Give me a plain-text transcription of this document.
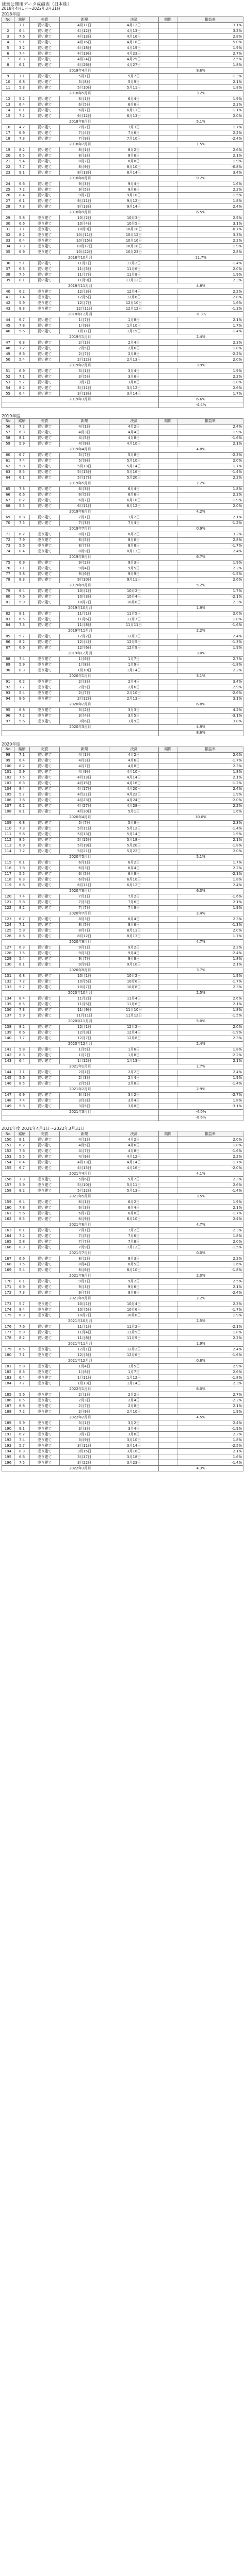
裁量公開用データ成績表（日本株）
2018年4月1日〜2022年3月31日
2018年度
No	銘柄	売買	新規	決済	期間	損益率
1	7.1	買い建て	4月11日	4月12日		3.1%
2	6.4	買い建て	4月12日	4月13日		3.2%
3	7.6	買い建て	4月13日	4月16日		2.8%
4	9.1	買い建て	4月16日	4月18日		5.0%
5	3.2	買い建て	4月18日	4月19日		1.9%
6	7.4	買い建て	4月19日	4月23日		2.7%
7	8.3	買い建て	4月24日	4月25日		2.5%
8	6.1	買い建て	4月26日	4月27日		1.8%
2018年4月月					9.6%	
9	7.1	買い建て	5月1日	5月7日		-1.3%
10	6.8	買い建て	5月8日	5月9日		2.1%
11	5.3	買い建て	5月10日	5月11日		1.8%
2018年5月月					3.2%	
12	5.2	買い建て	6月1日	6月4日		1.9%
13	6.4	買い建て	6月5日	6月6日		2.3%
14	8.1	買い建て	6月7日	6月11日		-1.1%
15	7.2	買い建て	6月12日	6月13日		2.0%
2018年6月月					5.1%	
16	4.2	買い建て	7月2日	7月3日		1.7%
17	6.9	買い建て	7月4日	7月6日		2.2%
18	7.3	買い建て	7月9日	7月10日		-2.4%
2018年7月月					1.5%	
19	8.2	買い建て	8月1日	8月2日		2.6%
20	6.5	買い建て	8月3日	8月6日		2.1%
21	5.4	買い建て	8月7日	8月8日		1.9%
22	7.7	買い建て	8月9日	8月10日		-0.8%
23	9.1	買い建て	8月13日	8月14日		3.4%
2018年8月月					9.2%	
24	6.6	買い建て	9月3日	9月4日		1.6%
25	7.2	買い建て	9月5日	9月6日		2.2%
26	8.4	買い建て	9月7日	9月10日		-1.5%
27	6.1	買い建て	9月11日	9月12日		1.8%
28	7.3	買い建て	9月13日	9月14日		2.4%
2018年9月月					6.5%	
29	5.8	売り建て	10月2日	10月3日		2.9%
30	6.6	売り建て	10月4日	10月5日		3.1%
31	7.1	売り建て	10月9日	10月10日		-0.7%
32	8.2	売り建て	10月11日	10月12日		3.3%
33	6.4	売り建て	10月15日	10月16日		2.2%
34	7.3	売り建て	10月17日	10月18日		-1.9%
35	6.9	売り建て	10月22日	10月23日		2.8%
2018年10月月					11.7%	
36	5.1	買い建て	11月1日	11月2日		-1.4%
37	6.3	買い建て	11月5日	11月6日		2.0%
38	7.5	買い建て	11月7日	11月8日		1.9%
39	8.1	買い建て	11月9日	11月12日		2.3%
2018年11月月					4.8%	
40	6.2	売り建て	12月3日	12月4日		2.2%
41	7.4	売り建て	12月5日	12月6日		-2.8%
42	5.9	売り建て	12月7日	12月10日		1.6%
43	8.3	売り建て	12月11日	12月12日		-1.3%
2018年12月月					-0.3%	
44	6.7	買い建て	1月7日	1月8日		2.1%
45	7.8	買い建て	1月9日	1月10日		1.7%
46	5.6	買い建て	1月11日	1月15日		-1.4%
2019年1月月					2.4%	
47	6.3	買い建て	2月1日	2月4日		2.3%
48	7.2	買い建て	2月5日	2月6日		1.8%
49	8.6	買い建て	2月7日	2月8日		-2.2%
50	5.4	買い建て	2月12日	2月13日		2.0%
2019年2月月					3.9%	
51	6.9	買い建て	3月1日	3月4日		1.9%
52	7.1	買い建て	3月5日	3月6日		2.2%
53	5.7	買い建て	3月7日	3月8日		-1.8%
54	8.2	買い建て	3月11日	3月12日		2.6%
55	6.4	買い建て	3月13日	3月14日		1.7%
2019年3月月					6.6%	
					-4.4%	
2019年度
No	銘柄	売買	新規	決済	期間	損益率
56	7.2	買い建て	4月1日	4月2日		2.4%
57	6.3	買い建て	4月3日	4月4日		1.9%
58	8.1	買い建て	4月5日	4月8日		-1.6%
59	5.9	買い建て	4月9日	4月10日		2.1%
2019年4月月					4.8%	
60	6.7	買い建て	5月7日	5月8日		-2.3%
61	7.4	買い建て	5月9日	5月10日		2.0%
62	5.8	買い建て	5月13日	5月14日		1.7%
63	8.5	買い建て	5月15日	5月16日		-1.4%
64	6.1	買い建て	5月17日	5月20日		2.2%
2019年5月月					2.2%	
65	7.3	買い建て	6月3日	6月4日		1.8%
66	6.6	買い建て	6月5日	6月6日		2.3%
67	8.2	買い建て	6月7日	6月10日		-1.9%
68	5.5	買い建て	6月11日	6月12日		2.0%
2019年6月月					4.2%	
69	6.8	買い建て	7月1日	7月2日		2.1%
70	7.5	買い建て	7月3日	7月4日		-1.2%
2019年7月月					0.9%	
71	6.2	売り建て	8月1日	8月2日		3.2%
72	7.9	売り建て	8月5日	8月6日		2.8%
73	5.6	売り建て	8月7日	8月8日		-1.7%
74	8.4	売り建て	8月9日	8月13日		2.4%
2019年8月月					6.7%	
75	6.9	買い建て	9月2日	9月3日		1.9%
76	7.1	買い建て	9月4日	9月5日		2.2%
77	5.8	買い建て	9月6日	9月9日		-1.5%
78	8.3	買い建て	9月10日	9月11日		2.6%
2019年9月月					5.2%	
79	6.4	買い建て	10月1日	10月2日		1.7%
80	7.6	買い建て	10月3日	10月4日		-2.1%
81	5.9	買い建て	10月7日	10月8日		2.3%
2019年10月月					1.9%	
82	8.1	買い建て	11月1日	11月5日		2.0%
83	6.5	買い建て	11月6日	11月7日		1.8%
84	7.3	買い建て	11月8日	11月11日		-1.6%
2019年11月月					2.2%	
85	5.7	買い建て	12月2日	12月3日		2.4%
86	8.2	買い建て	12月4日	12月5日		-1.3%
87	6.6	買い建て	12月6日	12月9日		1.9%
2019年12月月					3.0%	
88	7.4	売り建て	1月6日	1月7日		2.7%
89	5.9	売り建て	1月8日	1月9日		-1.8%
90	8.3	売り建て	1月10日	1月14日		2.2%
2020年1月月					3.1%	
91	6.2	売り建て	2月3日	2月4日		3.4%
92	7.7	売り建て	2月5日	2月6日		2.9%
93	5.4	売り建て	2月7日	2月10日		-2.6%
94	8.6	売り建て	2月12日	2月13日		3.1%
2020年2月月					6.8%	
95	6.8	売り建て	3月2日	3月3日		4.2%
96	7.2	売り建て	3月4日	3月5日		-3.1%
97	5.6	売り建て	3月6日	3月9日		3.8%
2020年3月月					4.9%	
					8.6%	
2020年度
No	銘柄	売買	新規	決済	期間	損益率
98	7.1	買い建て	4月1日	4月2日		2.6%
99	6.4	買い建て	4月3日	4月6日		-1.7%
100	8.2	買い建て	4月7日	4月8日		2.3%
101	5.9	買い建て	4月9日	4月10日		1.8%
102	7.5	買い建て	4月13日	4月14日		2.1%
103	6.3	買い建て	4月15日	4月16日		-1.2%
104	8.4	買い建て	4月17日	4月20日		2.4%
105	5.7	買い建て	4月21日	4月22日		1.9%
106	7.6	買い建て	4月23日	4月24日		-2.0%
107	6.2	買い建て	4月27日	4月28日		2.2%
108	8.1	買い建て	4月30日	5月1日		1.6%
2020年4月月					10.0%	
109	6.8	買い建て	5月7日	5月8日		2.3%
110	7.3	買い建て	5月11日	5月12日		-1.4%
111	5.6	買い建て	5月13日	5月14日		1.9%
112	8.5	買い建て	5月15日	5月18日		2.1%
113	6.9	買い建て	5月19日	5月20日		-1.8%
114	7.2	買い建て	5月21日	5月22日		2.0%
2020年5月月					5.1%	
115	6.1	買い建て	6月1日	6月2日		1.7%
116	7.8	買い建て	6月3日	6月4日		2.2%
117	5.5	買い建て	6月5日	6月8日		-2.1%
118	8.3	買い建て	6月9日	6月10日		1.8%
119	6.6	買い建て	6月11日	6月12日		2.4%
2020年6月月					6.0%	
120	7.4	買い建て	7月1日	7月2日		-1.6%
121	5.8	買い建て	7月3日	7月6日		2.1%
122	8.2	買い建て	7月7日	7月8日		1.9%
2020年7月月					2.4%	
123	6.7	買い建て	8月3日	8月4日		2.3%
124	7.1	買い建て	8月5日	8月6日		-1.3%
125	5.9	買い建て	8月7日	8月11日		2.0%
126	8.6	買い建て	8月12日	8月13日		1.7%
2020年8月月					4.7%	
127	6.3	買い建て	9月1日	9月2日		2.2%
128	7.5	買い建て	9月3日	9月4日		-2.4%
129	5.4	買い建て	9月7日	9月8日		1.8%
130	8.1	買い建て	9月9日	9月10日		2.1%
2020年9月月					3.7%	
131	6.8	買い建て	10月1日	10月2日		1.9%
132	7.2	買い建て	10月5日	10月6日		-1.7%
133	5.7	買い建て	10月7日	10月8日		2.3%
2020年10月月					2.5%	
134	8.4	買い建て	11月2日	11月4日		2.6%
135	6.5	買い建て	11月5日	11月6日		2.1%
136	7.3	買い建て	11月9日	11月10日		1.8%
137	5.9	買い建て	11月11日	11月12日		-1.5%
2020年11月月					5.0%	
138	8.2	買い建て	12月1日	12月2日		2.0%
139	6.6	買い建て	12月3日	12月4日		-1.9%
140	7.7	買い建て	12月7日	12月8日		2.3%
2020年12月月					2.4%	
141	5.8	買い建て	1月5日	1月6日		1.8%
142	8.3	買い建て	1月7日	1月8日		-2.2%
143	6.4	買い建て	1月12日	1月13日		2.1%
2021年1月月					1.7%	
144	7.1	買い建て	2月1日	2月2日		2.4%
145	5.6	買い建て	2月3日	2月4日		1.9%
146	8.5	買い建て	2月5日	2月8日		-1.4%
2021年2月月					2.9%	
147	6.9	買い建て	3月1日	3月2日		-2.7%
148	7.4	買い建て	3月3日	3月4日		1.8%
149	5.8	買い建て	3月5日	3月8日		-3.1%
2021年3月月					-4.0%	
					-6.6%	
2021年度 2021年4月1日〜2022年3月31日
No	銘柄	売買	新規	決済	期間	損益率
150	8.1	買い建て	4月1日	4月2日		2.0%
151	6.2	買い建て	4月5日	4月6日		1.8%
152	7.6	買い建て	4月7日	4月8日		-1.6%
153	5.5	買い建て	4月9日	4月12日		2.2%
154	8.4	買い建て	4月13日	4月14日		1.7%
155	6.7	買い建て	4月15日	4月16日		-2.0%
2021年4月月					4.1%	
156	7.3	売り建て	5月6日	5月7日		2.3%
157	5.9	売り建て	5月10日	5月11日		2.6%
158	8.2	売り建て	5月12日	5月13日		-1.4%
2021年5月月					3.5%	
159	6.4	買い建て	6月1日	6月2日		1.9%
160	7.8	買い建て	6月3日	6月4日		2.1%
161	5.6	買い建て	6月7日	6月8日		-1.7%
162	8.5	買い建て	6月9日	6月10日		2.4%
2021年6月月					4.7%	
163	6.1	買い建て	7月1日	7月2日		-2.3%
164	7.2	買い建て	7月5日	7月6日		1.8%
165	5.8	買い建て	7月7日	7月8日		2.0%
166	8.3	買い建て	7月9日	7月12日		-1.5%
2021年7月月					0.0%	
167	6.6	買い建て	8月2日	8月3日		2.2%
168	7.5	買い建て	8月4日	8月5日		1.6%
169	5.4	買い建て	8月6日	8月10日		-1.8%
2021年8月月					2.0%	
170	8.1	買い建て	9月1日	9月2日		2.5%
171	6.9	買い建て	9月3日	9月6日		2.1%
172	7.3	買い建て	9月7日	9月8日		-2.4%
2021年9月月					2.2%	
173	5.7	売り建て	10月1日	10月4日		2.3%
174	8.4	売り建て	10月5日	10月6日		-1.7%
175	6.3	売り建て	10月7日	10月8日		1.9%
2021年10月月					2.5%	
176	7.6	買い建て	11月1日	11月2日		-2.1%
177	5.9	買い建て	11月4日	11月5日		1.8%
178	8.2	買い建て	11月8日	11月9日		2.2%
2021年11月月					1.9%	
179	6.5	売り建て	12月1日	12月2日		2.4%
180	7.1	売り建て	12月3日	12月6日		-1.6%
2021年12月月					0.8%	
181	5.8	売り建て	1月4日	1月5日		2.9%
182	8.3	売り建て	1月6日	1月7日		2.6%
183	6.4	売り建て	1月11日	1月12日		-1.8%
184	7.7	売り建て	1月13日	1月14日		2.3%
2022年1月月					6.0%	
185	5.6	売り建て	2月1日	2月2日		2.7%
186	8.5	売り建て	2月3日	2月4日		-2.2%
187	6.8	売り建て	2月7日	2月8日		2.1%
188	7.2	売り建て	2月9日	2月10日		1.9%
2022年2月月					4.5%	
189	5.9	売り建て	3月1日	3月2日		2.4%
190	8.1	売り建て	3月3日	3月4日		-1.9%
191	6.2	売り建て	3月7日	3月8日		2.2%
192	7.4	売り建て	3月9日	3月10日		1.8%
193	5.7	売り建て	3月11日	3月14日		-2.5%
194	8.3	売り建て	3月15日	3月16日		2.1%
195	6.6	売り建て	3月17日	3月18日		1.6%
196	7.5	売り建て	3月22日	3月23日		-1.4%
2022年3月月					4.3%	
